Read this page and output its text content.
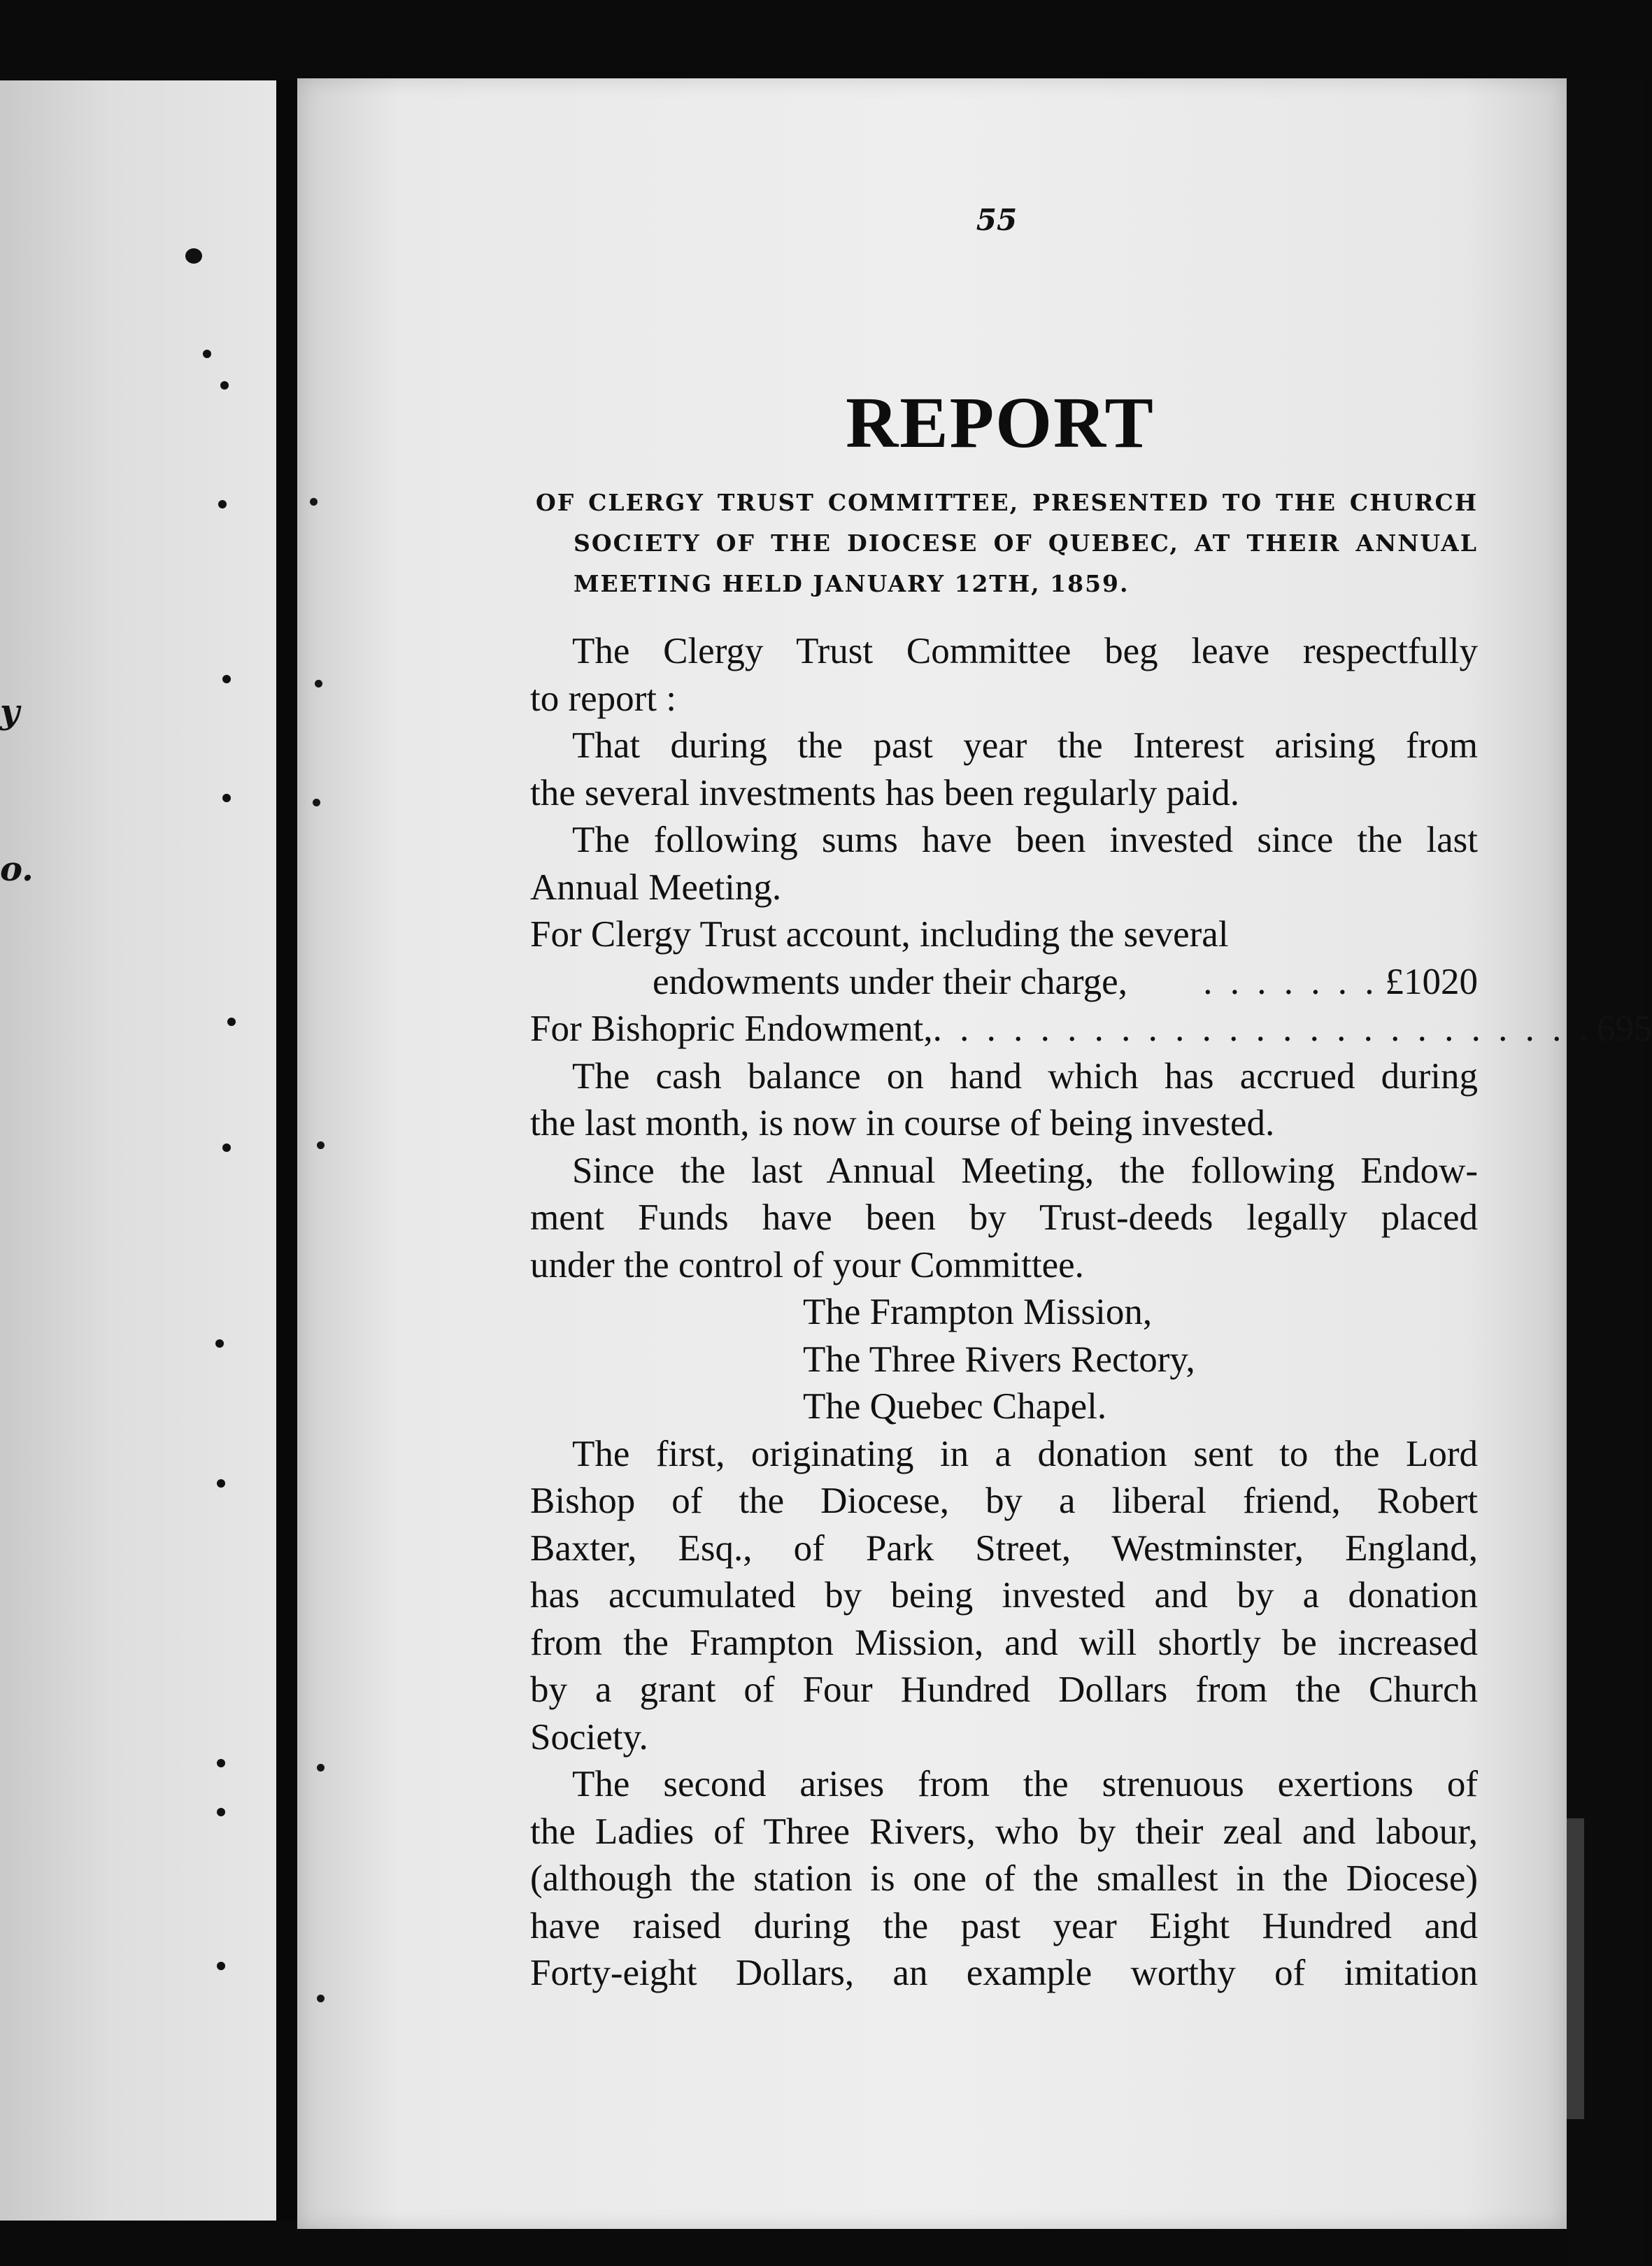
y
o.
55
REPORT
OF CLERGY TRUST COMMITTEE, PRESENTED TO THE CHURCH
SOCIETY OF THE DIOCESE OF QUEBEC, AT THEIR ANNUAL
MEETING HELD JANUARY 12TH, 1859.
The Clergy Trust Committee beg leave respectfully
to report :
That during the past year the Interest arising from
the several investments has been regularly paid.
The following sums have been invested since the last
Annual Meeting.
For Clergy Trust account, including the several
endowments under their charge,	. . . . . . . £1020
For Bishopric Endowment, . . . . . . . . . . . . . . . . . . . . . . . . . 695
The cash balance on hand which has accrued during
the last month, is now in course of being invested.
Since the last Annual Meeting, the following Endow-
ment Funds have been by Trust-deeds legally placed
under the control of your Committee.
The Frampton Mission,
The Three Rivers Rectory,
The Quebec Chapel.
The first, originating in a donation sent to the Lord
Bishop of the Diocese, by a liberal friend, Robert
Baxter, Esq., of Park Street, Westminster, England,
has accumulated by being invested and by a donation
from the Frampton Mission, and will shortly be increased
by a grant of Four Hundred Dollars from the Church
Society.
The second arises from the strenuous exertions of
the Ladies of Three Rivers, who by their zeal and labour,
(although the station is one of the smallest in the Diocese)
have raised during the past year Eight Hundred and
Forty-eight Dollars, an example worthy of imitation
